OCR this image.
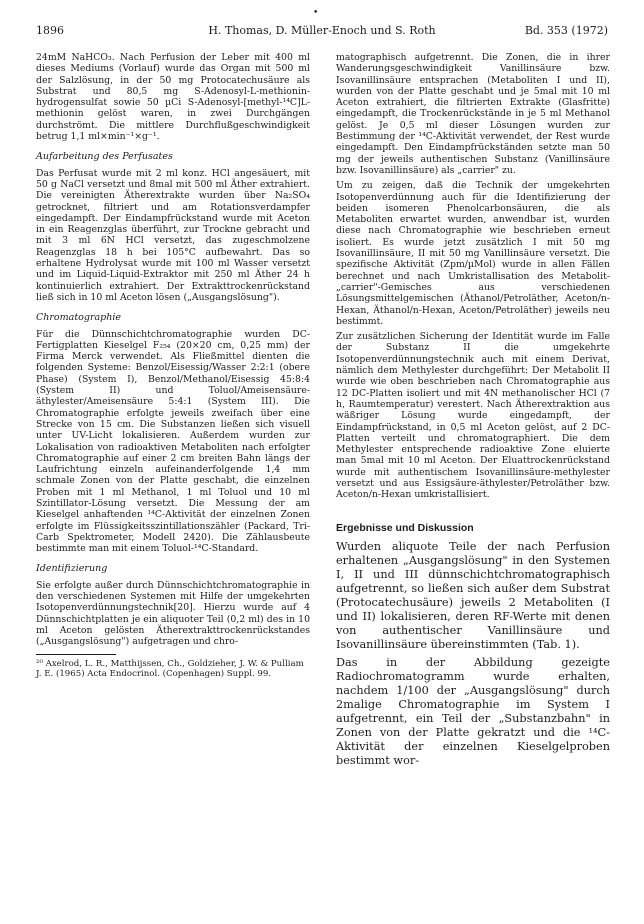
•
1896	H. Thomas, D. Müller-Enoch und S. Roth	Bd. 353 (1972)

24mM NaHCO₃. Nach Perfusion der Leber mit 400 ml dieses Mediums (Vorlauf) wurde das Organ mit 500 ml der Salzlösung, in der 50 mg Protocatechusäure als Substrat und 80,5 mg S-Adenosyl-L-methionin-hydrogensulfat sowie 50 µCi S-Adenosyl-[methyl-¹⁴C]L-methionin gelöst waren, in zwei Durchgängen durchströmt. Die mittlere Durchflußgeschwindigkeit betrug 1,1 ml×min⁻¹×g⁻¹.

Aufarbeitung des Perfusates

Das Perfusat wurde mit 2 ml konz. HCl angesäuert, mit 50 g NaCl versetzt und 8mal mit 500 ml Äther extrahiert. Die vereinigten Ätherextrakte wurden über Na₂SO₄ getrocknet, filtriert und am Rotationsverdampfer eingedampft. Der Eindampfrückstand wurde mit Aceton in ein Reagenzglas überführt, zur Trockne gebracht und mit 3 ml 6N HCl versetzt, das zugeschmolzene Reagenzglas 18 h bei 105°C aufbewahrt. Das so erhaltene Hydrolysat wurde mit 100 ml Wasser versetzt und im Liquid-Liquid-Extraktor mit 250 ml Äther 24 h kontinuierlich extrahiert. Der Extrakttrockenrückstand ließ sich in 10 ml Aceton lösen („Ausgangslösung").

Chromatographie

Für die Dünnschichtchromatographie wurden DC-Fertigplatten Kieselgel F₂₅₄ (20×20 cm, 0,25 mm) der Firma Merck verwendet. Als Fließmittel dienten die folgenden Systeme: Benzol/Eisessig/Wasser 2:2:1 (obere Phase) (System I), Benzol/Methanol/Eisessig 45:8:4 (System II) und Toluol/Ameisensäure-äthylester/Ameisensäure 5:4:1 (System III). Die Chromatographie erfolgte jeweils zweifach über eine Strecke von 15 cm. Die Substanzen ließen sich visuell unter UV-Licht lokalisieren. Außerdem wurden zur Lokalisation von radioaktiven Metaboliten nach erfolgter Chromatographie auf einer 2 cm breiten Bahn längs der Laufrichtung einzeln aufeinanderfolgende 1,4 mm schmale Zonen von der Platte geschabt, die einzelnen Proben mit 1 ml Methanol, 1 ml Toluol und 10 ml Szintillator-Lösung versetzt. Die Messung der am Kieselgel anhaftenden ¹⁴C-Aktivität der einzelnen Zonen erfolgte im Flüssigkeitsszintillationszähler (Packard, Tri-Carb Spektrometer, Modell 2420). Die Zählausbeute bestimmte man mit einem Toluol-¹⁴C-Standard.

Identifizierung

Sie erfolgte außer durch Dünnschichtchromatographie in den verschiedenen Systemen mit Hilfe der umgekehrten Isotopenverdünnungstechnik[20]. Hierzu wurde auf 4 Dünnschichtplatten je ein aliquoter Teil (0,2 ml) des in 10 ml Aceton gelösten Ätherextrakttrockenrückstandes („Ausgangslösung") aufgetragen und chro-

²⁰ Axelrod, L. R., Matthijssen, Ch., Goldzieher, J. W. & Pulliam J. E. (1965) Acta Endocrinol. (Copenhagen) Suppl. 99.

matographisch aufgetrennt. Die Zonen, die in ihrer Wanderungsgeschwindigkeit Vanillinsäure bzw. Isovanillinsäure entsprachen (Metaboliten I und II), wurden von der Platte geschabt und je 5mal mit 10 ml Aceton extrahiert, die filtrierten Extrakte (Glasfritte) eingedampft, die Trockenrückstände in je 5 ml Methanol gelöst. Je 0,5 ml dieser Lösungen wurden zur Bestimmung der ¹⁴C-Aktivität verwendet, der Rest wurde eingedampft. Den Eindampfrückständen setzte man 50 mg der jeweils authentischen Substanz (Vanillinsäure bzw. Isovanillinsäure) als „carrier" zu.

Um zu zeigen, daß die Technik der umgekehrten Isotopenverdünnung auch für die Identifizierung der beiden isomeren Phenolcarbonsäuren, die als Metaboliten erwartet wurden, anwendbar ist, wurden diese nach Chromatographie wie beschrieben erneut isoliert. Es wurde jetzt zusätzlich I mit 50 mg Isovanillinsäure, II mit 50 mg Vanillinsäure versetzt. Die spezifische Aktivität (Zpm/µMol) wurde in allen Fällen berechnet und nach Umkristallisation des Metabolit-„carrier"-Gemisches aus verschiedenen Lösungsmittelgemischen (Äthanol/Petroläther, Aceton/n-Hexan, Äthanol/n-Hexan, Aceton/Petroläther) jeweils neu bestimmt.

Zur zusätzlichen Sicherung der Identität wurde im Falle der Substanz II die umgekehrte Isotopenverdünnungstechnik auch mit einem Derivat, nämlich dem Methylester durchgeführt: Der Metabolit II wurde wie oben beschrieben nach Chromatographie aus 12 DC-Platten isoliert und mit 4N methanolischer HCl (7 h, Raumtemperatur) verestert. Nach Ätherextraktion aus wäßriger Lösung wurde eingedampft, der Eindampfrückstand, in 0,5 ml Aceton gelöst, auf 2 DC-Platten verteilt und chromatographiert. Die dem Methylester entsprechende radioaktive Zone eluierte man 5mal mit 10 ml Aceton. Der Eluattrockenrückstand wurde mit authentischem Isovanillinsäure-methylester versetzt und aus Essigsäure-äthylester/Petroläther bzw. Aceton/n-Hexan umkristallisiert.

Ergebnisse und Diskussion

Wurden aliquote Teile der nach Perfusion erhaltenen „Ausgangslösung" in den Systemen I, II und III dünnschichtchromatographisch aufgetrennt, so ließen sich außer dem Substrat (Protocatechusäure) jeweils 2 Metaboliten (I und II) lokalisieren, deren RF-Werte mit denen von authentischer Vanillinsäure und Isovanillinsäure übereinstimmten (Tab. 1).

Das in der Abbildung gezeigte Radiochromatogramm wurde erhalten, nachdem 1/100 der „Ausgangslösung" durch 2malige Chromatographie im System I aufgetrennt, ein Teil der „Substanzbahn" in Zonen von der Platte gekratzt und die ¹⁴C-Aktivität der einzelnen Kieselgelproben bestimmt wor-
